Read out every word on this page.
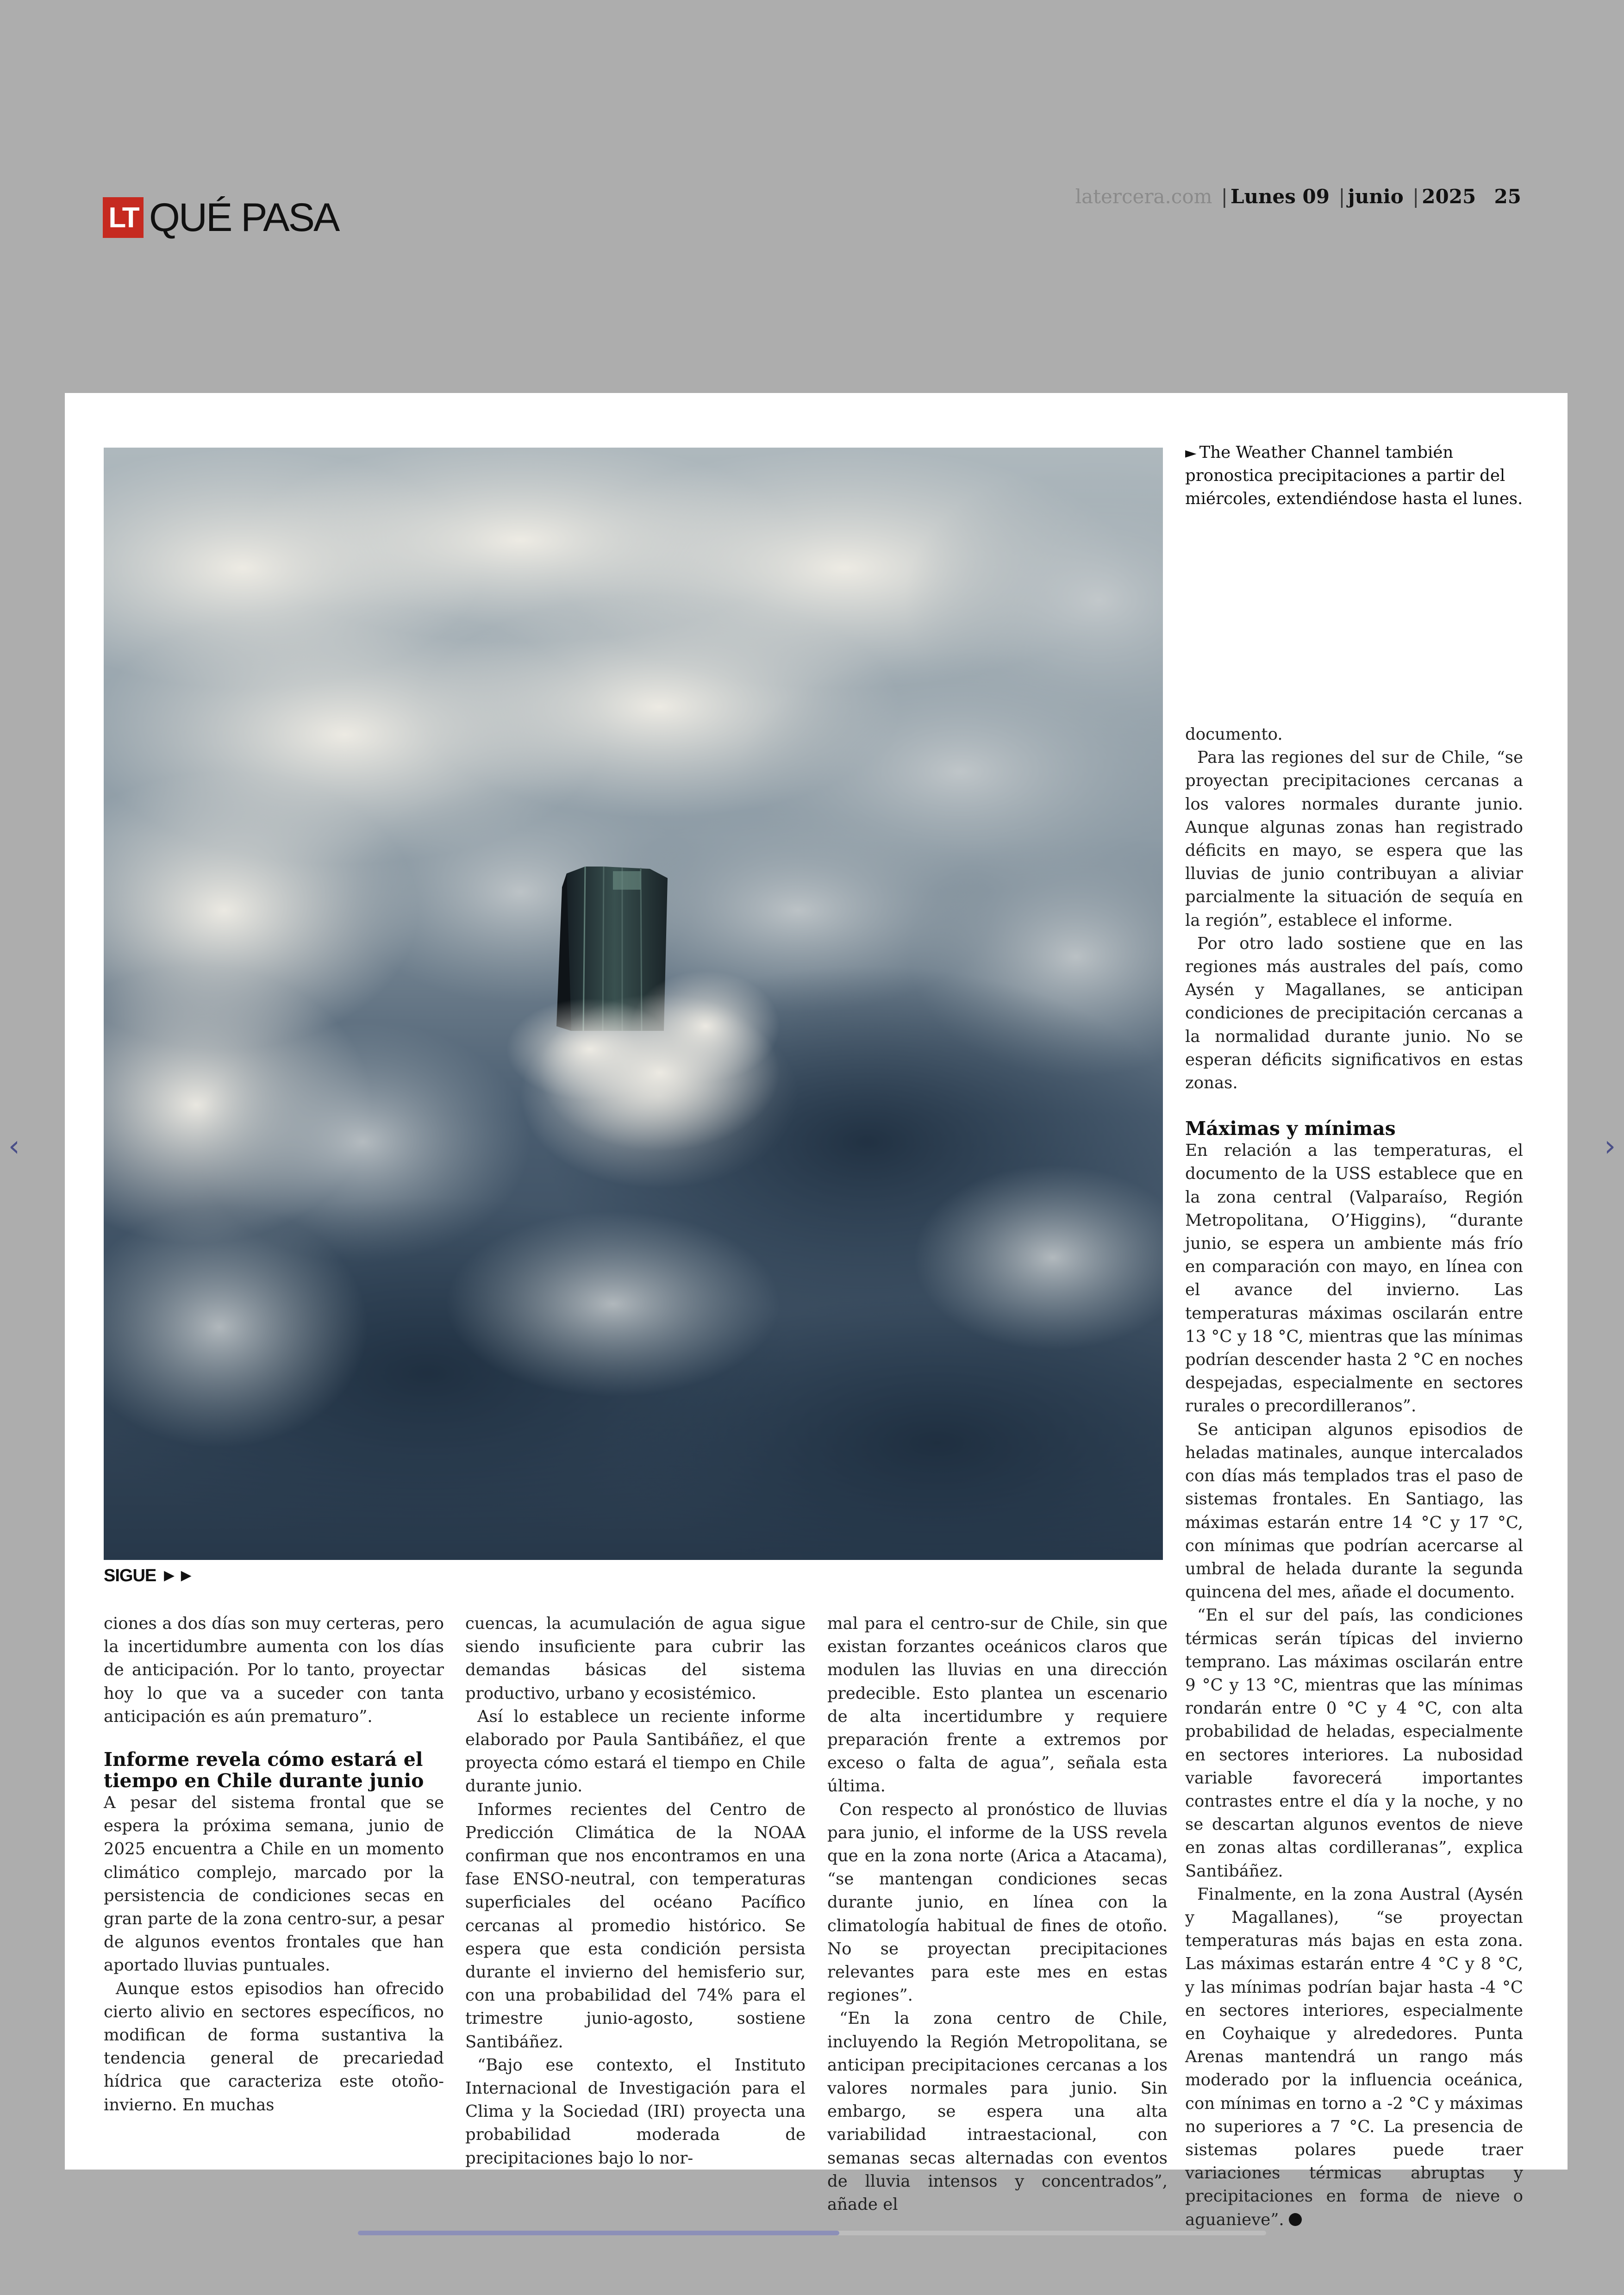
LT QUÉ PASA	latercera.com | Lunes 09 | junio | 2025 25
SIGUE ►►
► The Weather Channel también pronostica precipitaciones a partir del miércoles, extendiéndose hasta el lunes.

ciones a dos días son muy certeras, pero la incertidumbre aumenta con los días de anticipación. Por lo tanto, proyectar hoy lo que va a suceder con tanta anticipación es aún prematuro”.

Informe revela cómo estará el tiempo en Chile durante junio

A pesar del sistema frontal que se espera la próxima semana, junio de 2025 encuentra a Chile en un momento climático complejo, marcado por la persistencia de condiciones secas en gran parte de la zona centro-sur, a pesar de algunos eventos frontales que han aportado lluvias puntuales.

Aunque estos episodios han ofrecido cierto alivio en sectores específicos, no modifican de forma sustantiva la tendencia general de precariedad hídrica que caracteriza este otoño-invierno. En muchas

cuencas, la acumulación de agua sigue siendo insuficiente para cubrir las demandas básicas del sistema productivo, urbano y ecosistémico.

Así lo establece un reciente informe elaborado por Paula Santibáñez, el que proyecta cómo estará el tiempo en Chile durante junio.

Informes recientes del Centro de Predicción Climática de la NOAA confirman que nos encontramos en una fase ENSO-neutral, con temperaturas superficiales del océano Pacífico cercanas al promedio histórico. Se espera que esta condición persista durante el invierno del hemisferio sur, con una probabilidad del 74% para el trimestre junio-agosto, sostiene Santibáñez.

“Bajo ese contexto, el Instituto Internacional de Investigación para el Clima y la Sociedad (IRI) proyecta una probabilidad moderada de precipitaciones bajo lo nor-

mal para el centro-sur de Chile, sin que existan forzantes oceánicos claros que modulen las lluvias en una dirección predecible. Esto plantea un escenario de alta incertidumbre y requiere preparación frente a extremos por exceso o falta de agua”, señala esta última.

Con respecto al pronóstico de lluvias para junio, el informe de la USS revela que en la zona norte (Arica a Atacama), “se mantengan condiciones secas durante junio, en línea con la climatología habitual de fines de otoño. No se proyectan precipitaciones relevantes para este mes en estas regiones”.

“En la zona centro de Chile, incluyendo la Región Metropolitana, se anticipan precipitaciones cercanas a los valores normales para junio. Sin embargo, se espera una alta variabilidad intraestacional, con semanas secas alternadas con eventos de lluvia intensos y concentrados”, añade el

documento.

Para las regiones del sur de Chile, “se proyectan precipitaciones cercanas a los valores normales durante junio. Aunque algunas zonas han registrado déficits en mayo, se espera que las lluvias de junio contribuyan a aliviar parcialmente la situación de sequía en la región”, establece el informe.

Por otro lado sostiene que en las regiones más australes del país, como Aysén y Magallanes, se anticipan condiciones de precipitación cercanas a la normalidad durante junio. No se esperan déficits significativos en estas zonas.

Máximas y mínimas

En relación a las temperaturas, el documento de la USS establece que en la zona central (Valparaíso, Región Metropolitana, O’Higgins), “durante junio, se espera un ambiente más frío en comparación con mayo, en línea con el avance del invierno. Las temperaturas máximas oscilarán entre 13 °C y 18 °C, mientras que las mínimas podrían descender hasta 2 °C en noches despejadas, especialmente en sectores rurales o precordilleranos”.

Se anticipan algunos episodios de heladas matinales, aunque intercalados con días más templados tras el paso de sistemas frontales. En Santiago, las máximas estarán entre 14 °C y 17 °C, con mínimas que podrían acercarse al umbral de helada durante la segunda quincena del mes, añade el documento.

“En el sur del país, las condiciones térmicas serán típicas del invierno temprano. Las máximas oscilarán entre 9 °C y 13 °C, mientras que las mínimas rondarán entre 0 °C y 4 °C, con alta probabilidad de heladas, especialmente en sectores interiores. La nubosidad variable favorecerá importantes contrastes entre el día y la noche, y no se descartan algunos eventos de nieve en zonas altas cordilleranas”, explica Santibáñez.

Finalmente, en la zona Austral (Aysén y Magallanes), “se proyectan temperaturas más bajas en esta zona. Las máximas estarán entre 4 °C y 8 °C, y las mínimas podrían bajar hasta -4 °C en sectores interiores, especialmente en Coyhaique y alrededores. Punta Arenas mantendrá un rango más moderado por la influencia oceánica, con mínimas en torno a -2 °C y máximas no superiores a 7 °C. La presencia de sistemas polares puede traer variaciones térmicas abruptas y precipitaciones en forma de nieve o aguanieve”.

‹	›
